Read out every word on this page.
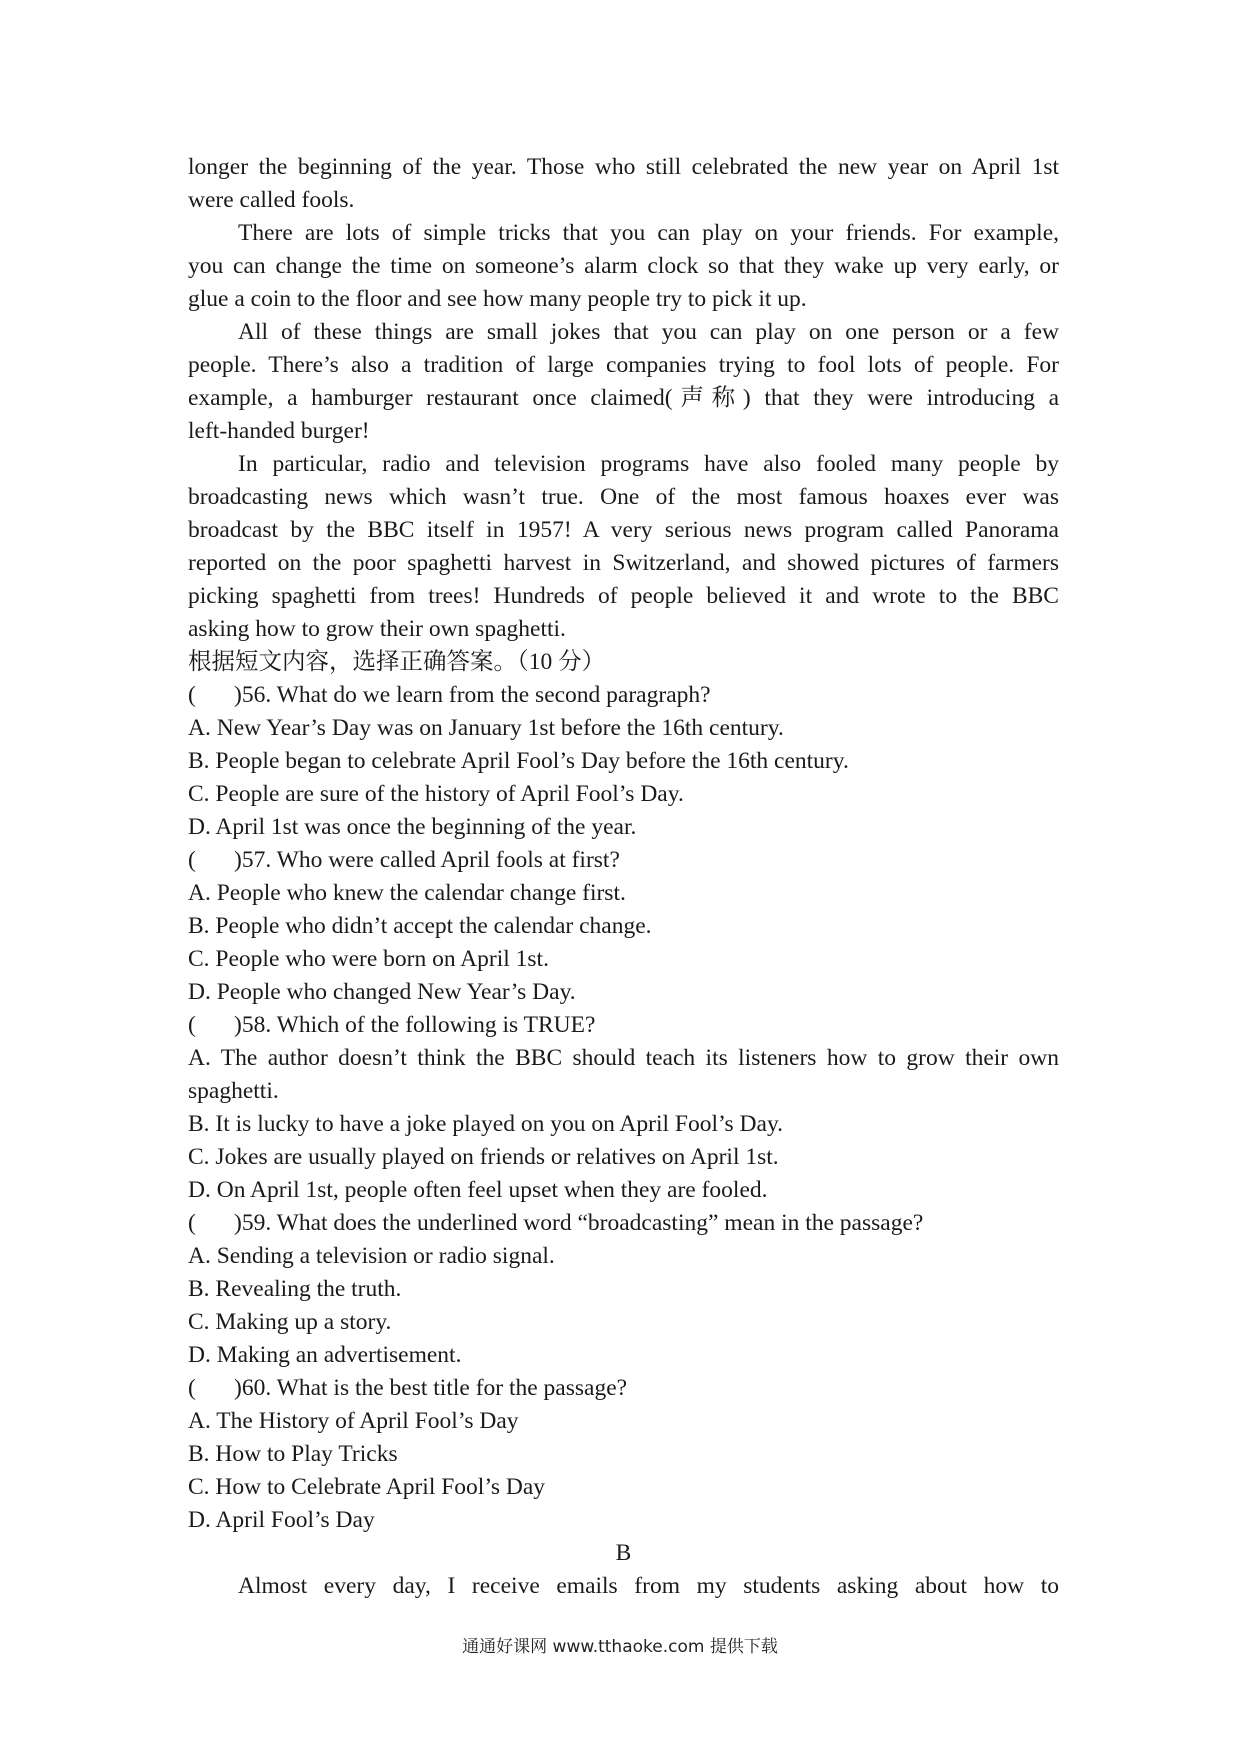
longer the beginning of the year. Those who still celebrated the new year on April 1st
were called fools.
There are lots of simple tricks that you can play on your friends. For example,
you can change the time on someone’s alarm clock so that they wake up very early, or
glue a coin to the floor and see how many people try to pick it up.
All of these things are small jokes that you can play on one person or a few
people. There’s also a tradition of large companies trying to fool lots of people. For
example, a hamburger restaurant once claimed(声称) that they were introducing a
left-handed burger!
In particular, radio and television programs have also fooled many people by
broadcasting news which wasn’t true. One of the most famous hoaxes ever was
broadcast by the BBC itself in 1957! A very serious news program called Panorama
reported on the poor spaghetti harvest in Switzerland, and showed pictures of farmers
picking spaghetti from trees! Hundreds of people believed it and wrote to the BBC
asking how to grow their own spaghetti.
根据短文内容，选择正确答案。（10 分）
( )56. What do we learn from the second paragraph?
A. New Year’s Day was on January 1st before the 16th century.
B. People began to celebrate April Fool’s Day before the 16th century.
C. People are sure of the history of April Fool’s Day.
D. April 1st was once the beginning of the year.
( )57. Who were called April fools at first?
A. People who knew the calendar change first.
B. People who didn’t accept the calendar change.
C. People who were born on April 1st.
D. People who changed New Year’s Day.
( )58. Which of the following is TRUE?
A. The author doesn’t think the BBC should teach its listeners how to grow their own
spaghetti.
B. It is lucky to have a joke played on you on April Fool’s Day.
C. Jokes are usually played on friends or relatives on April 1st.
D. On April 1st, people often feel upset when they are fooled.
( )59. What does the underlined word “broadcasting” mean in the passage?
A. Sending a television or radio signal.
B. Revealing the truth.
C. Making up a story.
D. Making an advertisement.
( )60. What is the best title for the passage?
A. The History of April Fool’s Day
B. How to Play Tricks
C. How to Celebrate April Fool’s Day
D. April Fool’s Day
B
Almost every day, I receive emails from my students asking about how to
通通好课网 www.tthaoke.com 提供下载
